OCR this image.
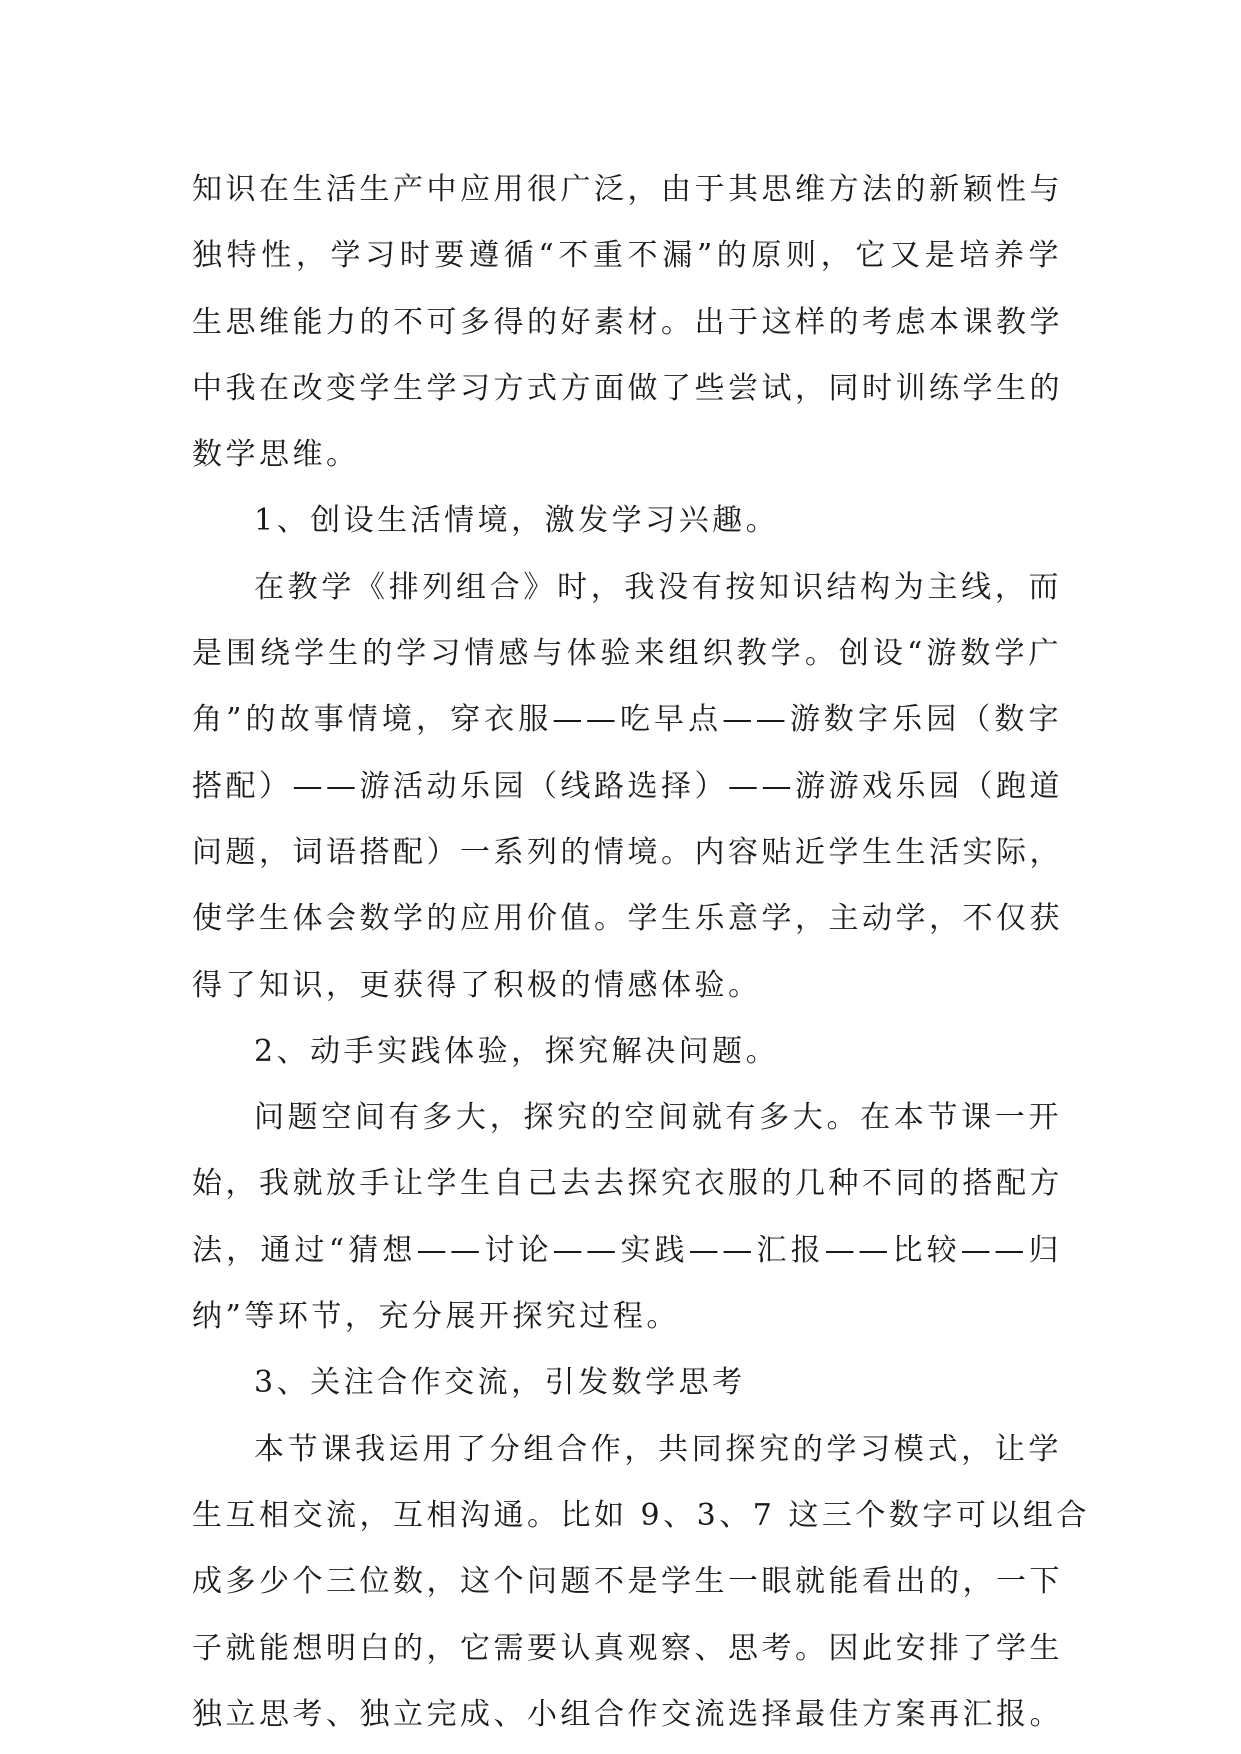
知识在生活生产中应用很广泛，由于其思维方法的新颖性与
独特性，学习时要遵循“不重不漏”的原则，它又是培养学
生思维能力的不可多得的好素材。出于这样的考虑本课教学
中我在改变学生学习方式方面做了些尝试，同时训练学生的
数学思维。
1、创设生活情境，激发学习兴趣。
在教学《排列组合》时，我没有按知识结构为主线，而
是围绕学生的学习情感与体验来组织教学。创设“游数学广
角”的故事情境，穿衣服——吃早点——游数字乐园（数字
搭配）——游活动乐园（线路选择）——游游戏乐园（跑道
问题，词语搭配）一系列的情境。内容贴近学生生活实际，
使学生体会数学的应用价值。学生乐意学，主动学，不仅获
得了知识，更获得了积极的情感体验。
2、动手实践体验，探究解决问题。
问题空间有多大，探究的空间就有多大。在本节课一开
始，我就放手让学生自己去去探究衣服的几种不同的搭配方
法，通过“猜想——讨论——实践——汇报——比较——归
纳”等环节，充分展开探究过程。
3、关注合作交流，引发数学思考
本节课我运用了分组合作，共同探究的学习模式，让学
生互相交流，互相沟通。比如 9、3、7 这三个数字可以组合
成多少个三位数，这个问题不是学生一眼就能看出的，一下
子就能想明白的，它需要认真观察、思考。因此安排了学生
独立思考、独立完成、小组合作交流选择最佳方案再汇报。
